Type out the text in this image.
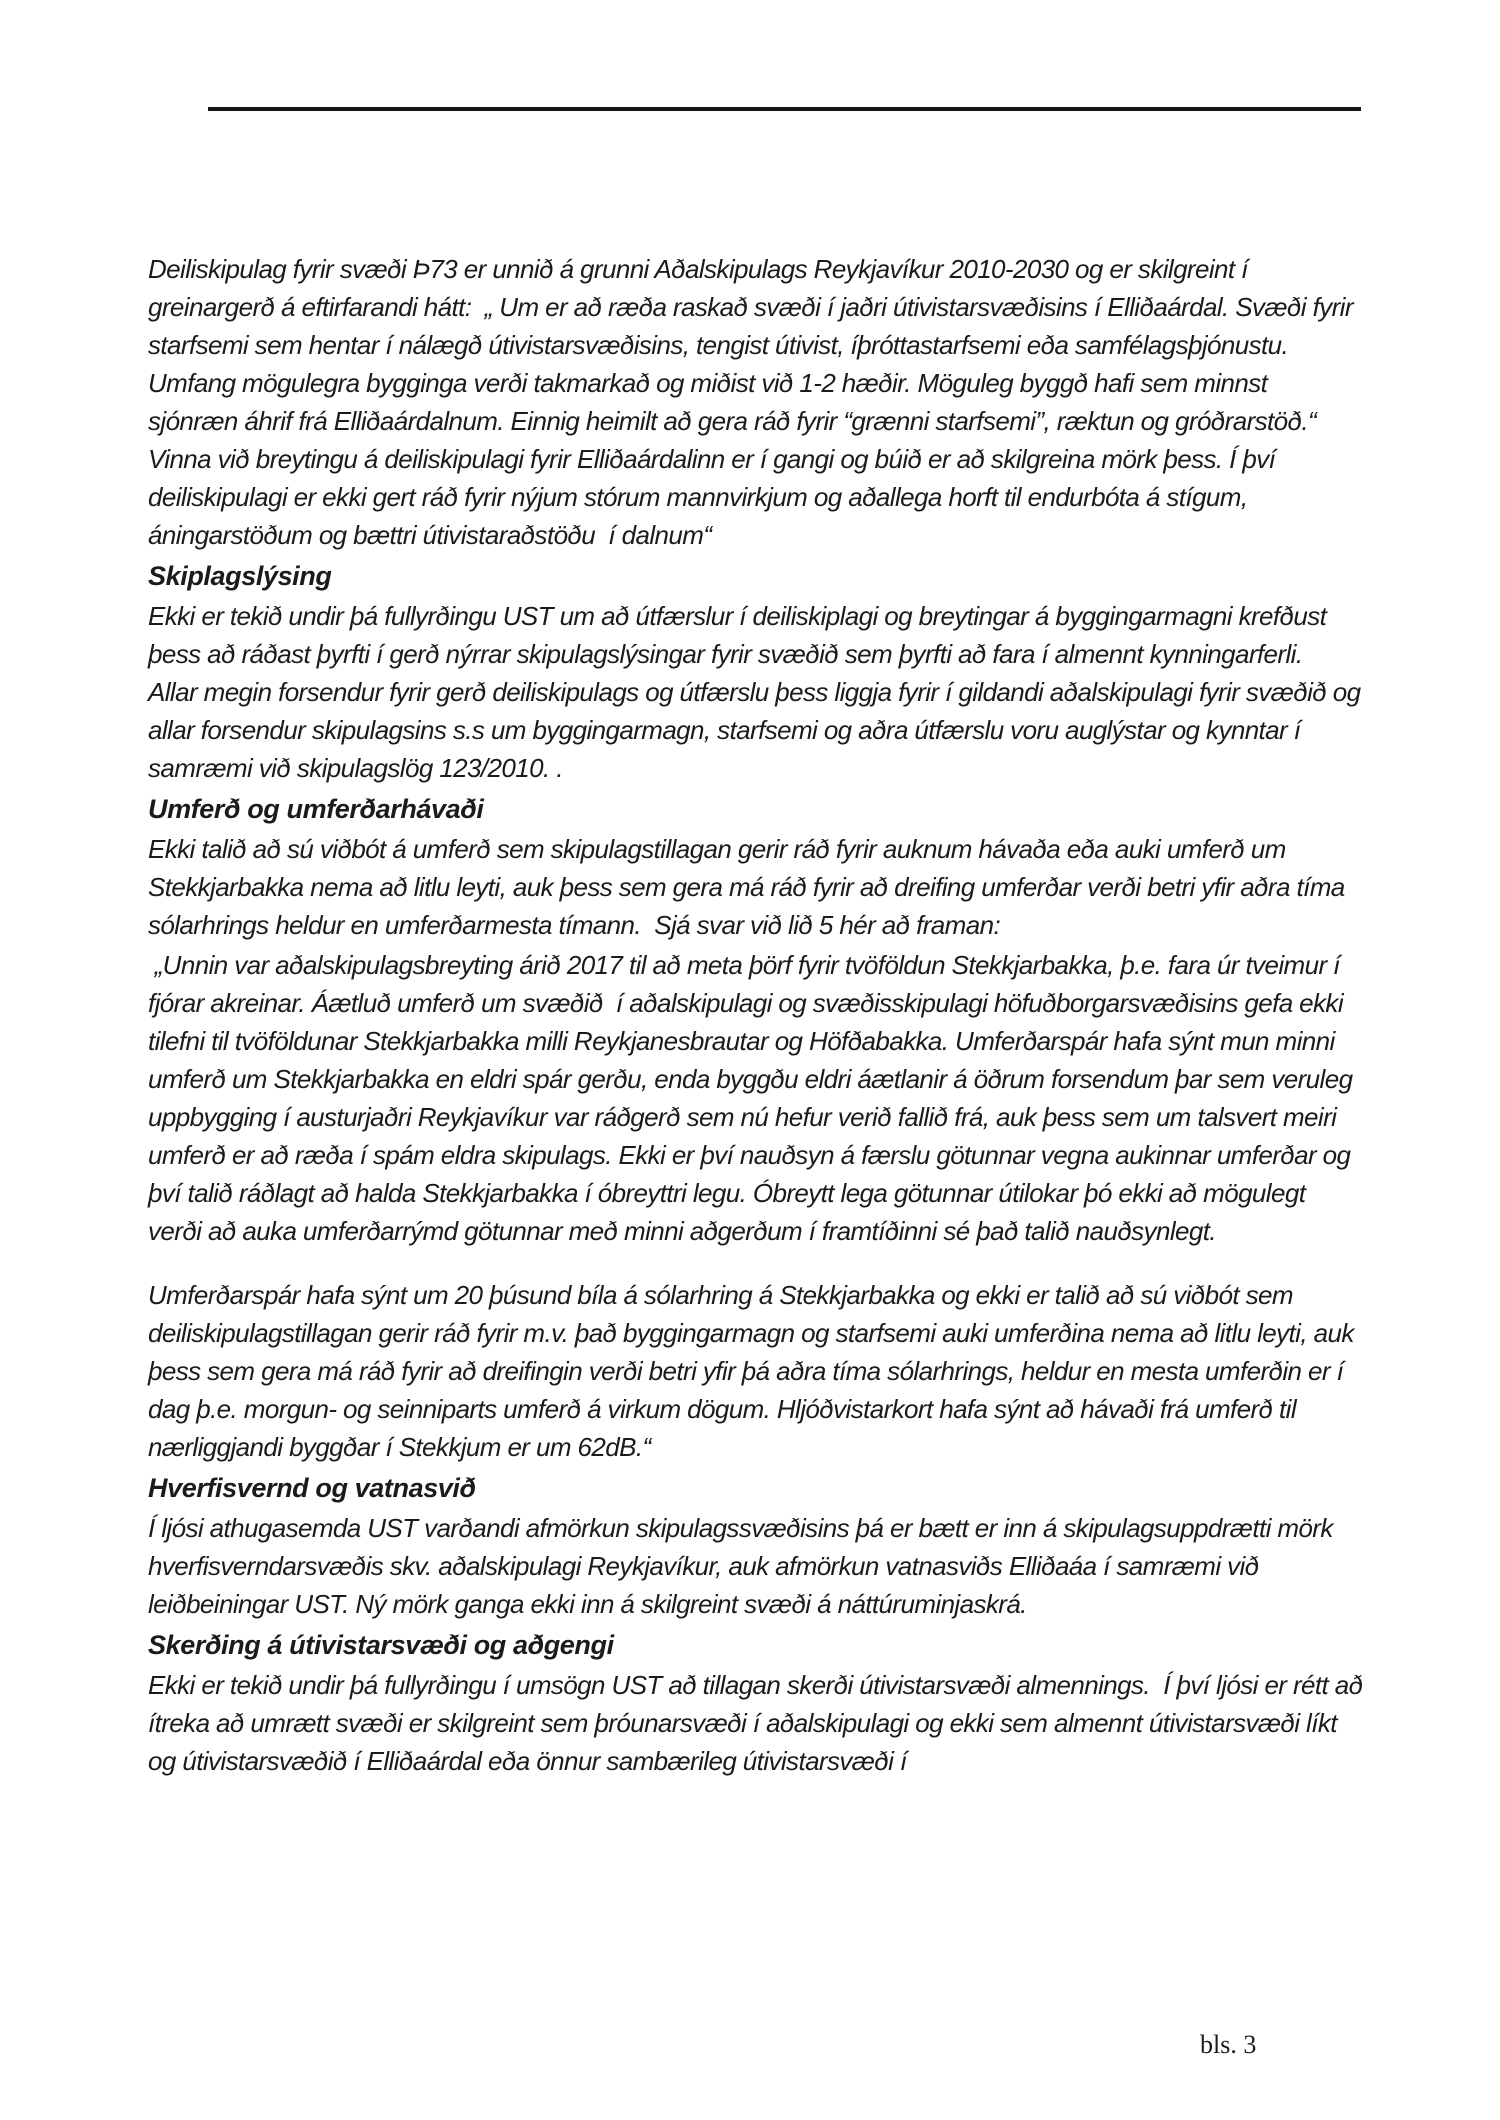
Deiliskipulag fyrir svæði Þ73 er unnið á grunni Aðalskipulags Reykjavíkur 2010-2030 og er skilgreint í greinargerð á eftirfarandi hátt:  „ Um er að ræða raskað svæði í jaðri útivistarsvæðisins í Elliðaárdal. Svæði fyrir starfsemi sem hentar í nálægð útivistarsvæðisins, tengist útivist, íþróttastarfsemi eða samfélagsþjónustu. Umfang mögulegra bygginga verði takmarkað og miðist við 1-2 hæðir. Möguleg byggð hafi sem minnst sjónræn áhrif frá Elliðaárdalnum. Einnig heimilt að gera ráð fyrir “grænni starfsemi”, ræktun og gróðrarstöð.“ Vinna við breytingu á deiliskipulagi fyrir Elliðaárdalinn er í gangi og búið er að skilgreina mörk þess. Í því deiliskipulagi er ekki gert ráð fyrir nýjum stórum mannvirkjum og aðallega horft til endurbóta á stígum, áningarstöðum og bættri útivistaraðstöðu  í dalnum“

Skiplagslýsing

Ekki er tekið undir þá fullyrðingu UST um að útfærslur í deiliskiplagi og breytingar á byggingarmagni krefðust þess að ráðast þyrfti í gerð nýrrar skipulagslýsingar fyrir svæðið sem þyrfti að fara í almennt kynningarferli.  Allar megin forsendur fyrir gerð deiliskipulags og útfærslu þess liggja fyrir í gildandi aðalskipulagi fyrir svæðið og allar forsendur skipulagsins s.s um byggingarmagn, starfsemi og aðra útfærslu voru auglýstar og kynntar í samræmi við skipulagslög 123/2010. .

Umferð og umferðarhávaði

Ekki talið að sú viðbót á umferð sem skipulagstillagan gerir ráð fyrir auknum hávaða eða auki umferð um Stekkjarbakka nema að litlu leyti, auk þess sem gera má ráð fyrir að dreifing umferðar verði betri yfir aðra tíma sólarhrings heldur en umferðarmesta tímann.  Sjá svar við lið 5 hér að framan:

„Unnin var aðalskipulagsbreyting árið 2017 til að meta þörf fyrir tvöföldun Stekkjarbakka, þ.e. fara úr tveimur í fjórar akreinar. Áætluð umferð um svæðið  í aðalskipulagi og svæðisskipulagi höfuðborgarsvæðisins gefa ekki tilefni til tvöföldunar Stekkjarbakka milli Reykjanesbrautar og Höfðabakka. Umferðarspár hafa sýnt mun minni umferð um Stekkjarbakka en eldri spár gerðu, enda byggðu eldri áætlanir á öðrum forsendum þar sem veruleg uppbygging í austurjaðri Reykjavíkur var ráðgerð sem nú hefur verið fallið frá, auk þess sem um talsvert meiri umferð er að ræða í spám eldra skipulags. Ekki er því nauðsyn á færslu götunnar vegna aukinnar umferðar og því talið ráðlagt að halda Stekkjarbakka í óbreyttri legu. Óbreytt lega götunnar útilokar þó ekki að mögulegt verði að auka umferðarrýmd götunnar með minni aðgerðum í framtíðinni sé það talið nauðsynlegt.

Umferðarspár hafa sýnt um 20 þúsund bíla á sólarhring á Stekkjarbakka og ekki er talið að sú viðbót sem deiliskipulagstillagan gerir ráð fyrir m.v. það byggingarmagn og starfsemi auki umferðina nema að litlu leyti, auk þess sem gera má ráð fyrir að dreifingin verði betri yfir þá aðra tíma sólarhrings, heldur en mesta umferðin er í dag þ.e. morgun- og seinniparts umferð á virkum dögum. Hljóðvistarkort hafa sýnt að hávaði frá umferð til nærliggjandi byggðar í Stekkjum er um 62dB.“

Hverfisvernd og vatnasvið

Í ljósi athugasemda UST varðandi afmörkun skipulagssvæðisins þá er bætt er inn á skipulagsuppdrætti mörk hverfisverndarsvæðis skv. aðalskipulagi Reykjavíkur, auk afmörkun vatnasviðs Elliðaáa í samræmi við leiðbeiningar UST. Ný mörk ganga ekki inn á skilgreint svæði á náttúruminjaskrá.

Skerðing á útivistarsvæði og aðgengi

Ekki er tekið undir þá fullyrðingu í umsögn UST að tillagan skerði útivistarsvæði almennings.  Í því ljósi er rétt að ítreka að umrætt svæði er skilgreint sem þróunarsvæði í aðalskipulagi og ekki sem almennt útivistarsvæði líkt og útivistarsvæðið í Elliðaárdal eða önnur sambærileg útivistarsvæði í

bls. 3
